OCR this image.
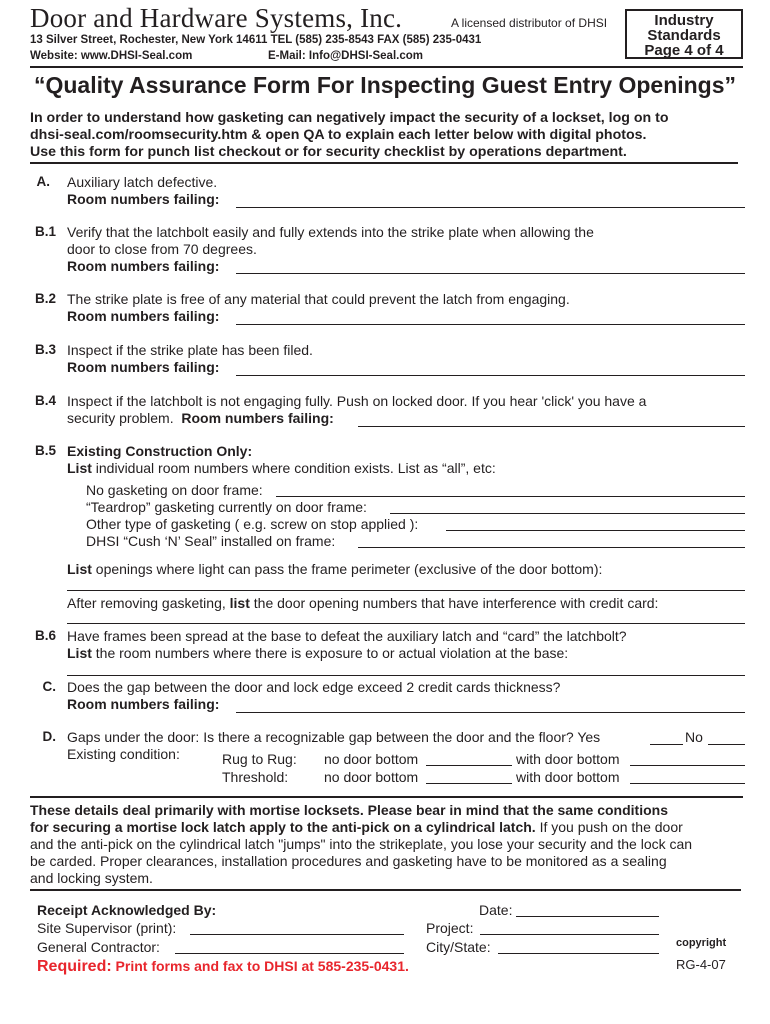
Door and Hardware Systems, Inc.	A licensed distributor of DHSI
13 Silver Street, Rochester, New York 14611 TEL (585) 235-8543 FAX (585) 235-0431
Website: www.DHSI-Seal.com	E-Mail: Info@DHSI-Seal.com
Industry
Standards
Page 4 of 4
“Quality Assurance Form For Inspecting Guest Entry Openings”
In order to understand how gasketing can negatively impact the security of a lockset, log on to
dhsi-seal.com/roomsecurity.htm & open QA to explain each letter below with digital photos.
Use this form for punch list checkout or for security checklist by operations department.
A. Auxiliary latch defective.
Room numbers failing:
B.1 Verify that the latchbolt easily and fully extends into the strike plate when allowing the
door to close from 70 degrees.
Room numbers failing:
B.2 The strike plate is free of any material that could prevent the latch from engaging.
Room numbers failing:
B.3 Inspect if the strike plate has been filed.
Room numbers failing:
B.4 Inspect if the latchbolt is not engaging fully. Push on locked door. If you hear 'click' you have a
security problem. Room numbers failing:
B.5 Existing Construction Only:
List individual room numbers where condition exists. List as “all”, etc:
No gasketing on door frame:
“Teardrop” gasketing currently on door frame:
Other type of gasketing ( e.g. screw on stop applied ):
DHSI “Cush ‘N’ Seal” installed on frame:
List openings where light can pass the frame perimeter (exclusive of the door bottom):
After removing gasketing, list the door opening numbers that have interference with credit card:
B.6 Have frames been spread at the base to defeat the auxiliary latch and “card” the latchbolt?
List the room numbers where there is exposure to or actual violation at the base:
C. Does the gap between the door and lock edge exceed 2 credit cards thickness?
Room numbers failing:
D. Gaps under the door: Is there a recognizable gap between the door and the floor? Yes	No
Existing condition:	Rug to Rug: no door bottom	with door bottom
Threshold:	no door bottom	with door bottom
These details deal primarily with mortise locksets. Please bear in mind that the same conditions
for securing a mortise lock latch apply to the anti-pick on a cylindrical latch. If you push on the door
and the anti-pick on the cylindrical latch "jumps" into the strikeplate, you lose your security and the lock can
be carded. Proper clearances, installation procedures and gasketing have to be monitored as a sealing
and locking system.
Receipt Acknowledged By:
Site Supervisor (print):
General Contractor:
Date:
Project:
City/State:
Required: Print forms and fax to DHSI at 585-235-0431.
copyright
RG-4-07
